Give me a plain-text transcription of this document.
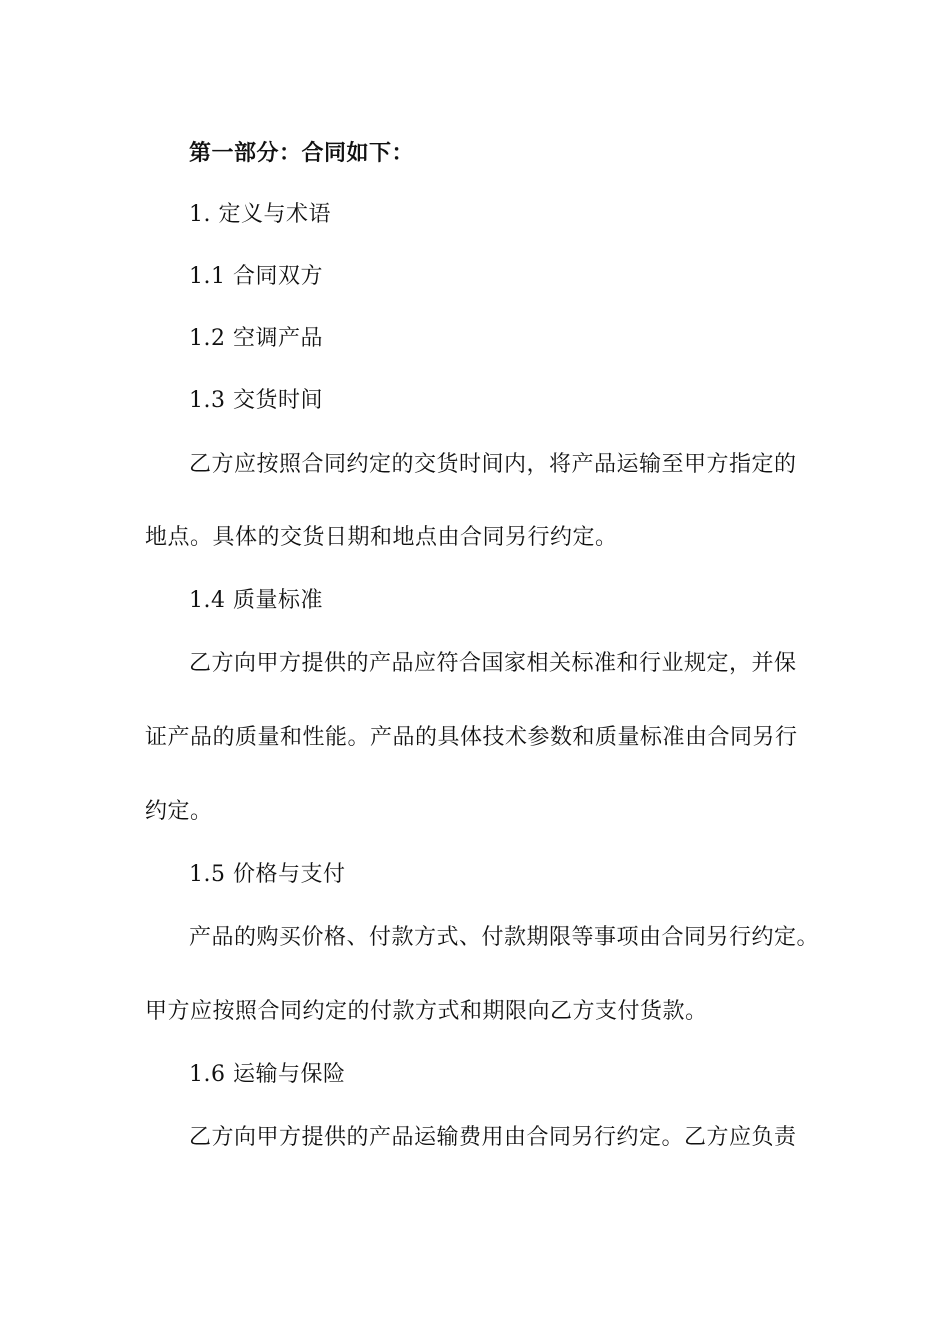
第一部分：合同如下：
1. 定义与术语
1.1 合同双方
1.2 空调产品
1.3 交货时间
乙方应按照合同约定的交货时间内，将产品运输至甲方指定的
地点。具体的交货日期和地点由合同另行约定。
1.4 质量标准
乙方向甲方提供的产品应符合国家相关标准和行业规定，并保
证产品的质量和性能。产品的具体技术参数和质量标准由合同另行
约定。
1.5 价格与支付
产品的购买价格、付款方式、付款期限等事项由合同另行约定。
甲方应按照合同约定的付款方式和期限向乙方支付货款。
1.6 运输与保险
乙方向甲方提供的产品运输费用由合同另行约定。乙方应负责
